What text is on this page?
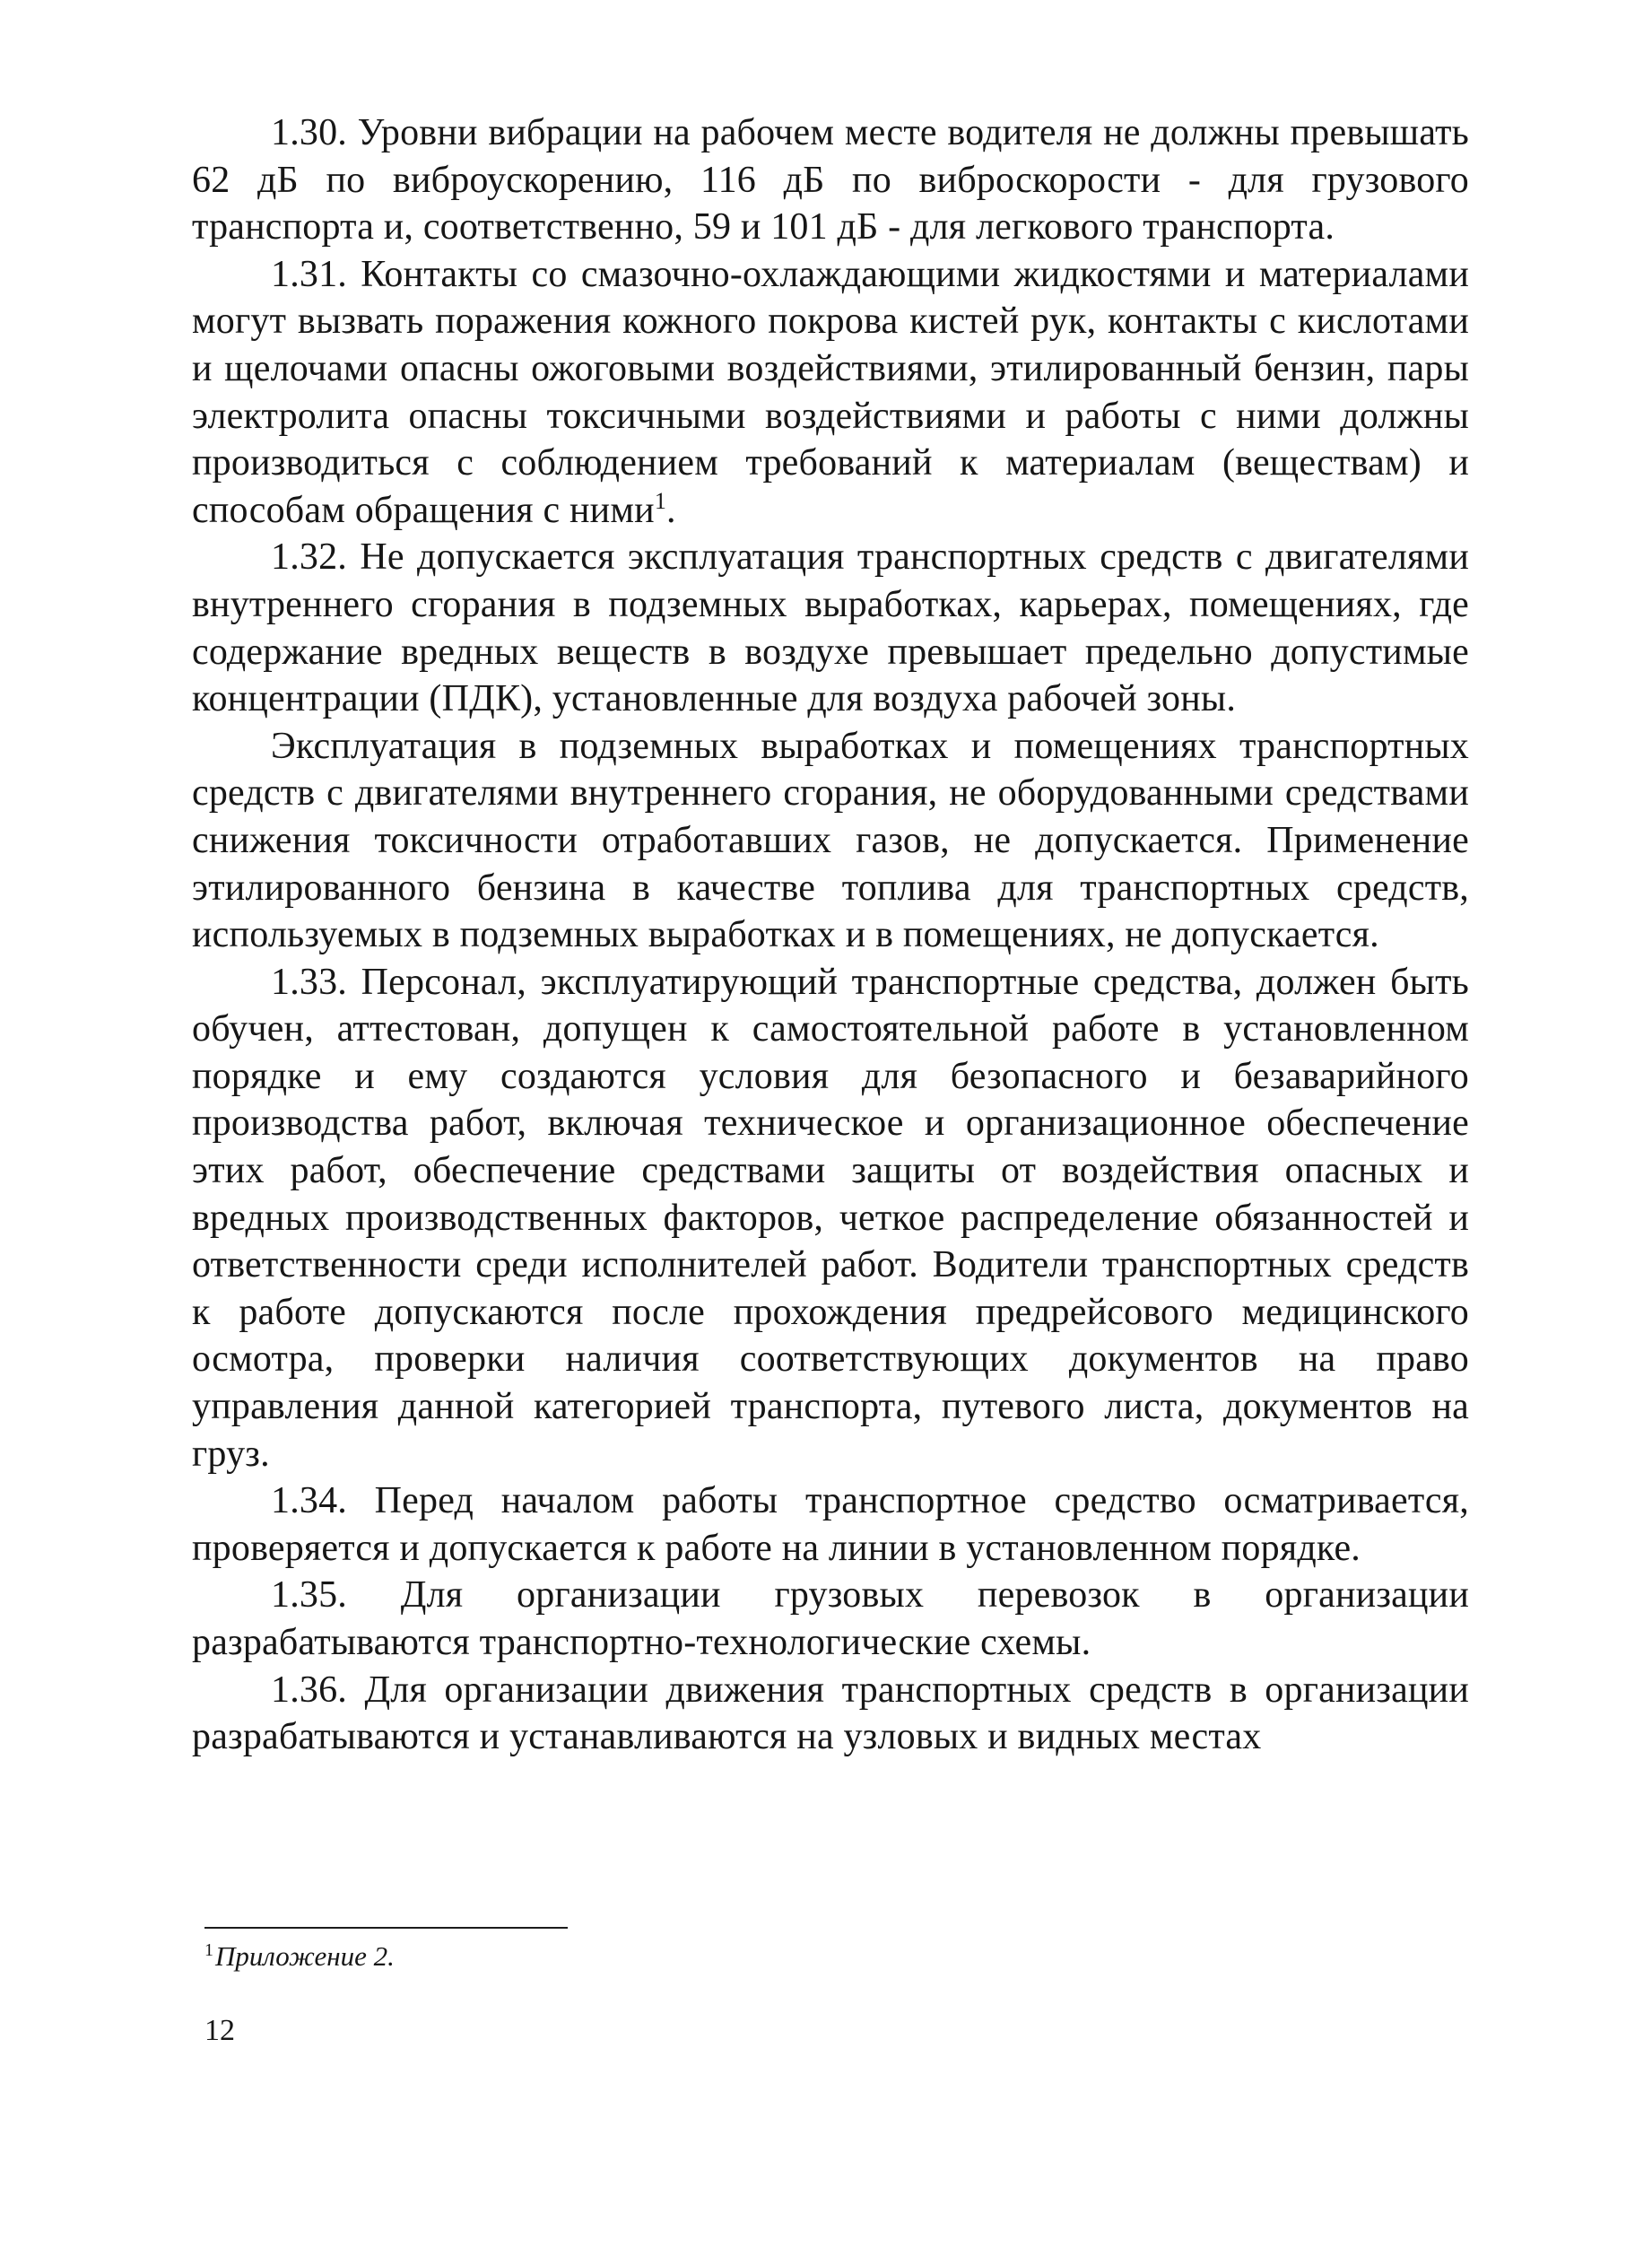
1.30. Уровни вибрации на рабочем месте водителя не должны превышать 62 дБ по виброускорению, 116 дБ по виброскорости - для грузового транспорта и, соответственно, 59 и 101 дБ - для легкового транспорта.

1.31. Контакты со смазочно-охлаждающими жидкостями и материалами могут вызвать поражения кожного покрова кистей рук, контакты с кислотами и щелочами опасны ожоговыми воздействиями, этилированный бензин, пары электролита опасны токсичными воздействиями и работы с ними должны производиться с соблюдением требований к материалам (веществам) и способам обращения с ними$^1$.

1.32. Не допускается эксплуатация транспортных средств с двигателями внутреннего сгорания в подземных выработках, карьерах, помещениях, где содержание вредных веществ в воздухе превышает предельно допустимые концентрации (ПДК), установленные для воздуха рабочей зоны.

Эксплуатация в подземных выработках и помещениях транспортных средств с двигателями внутреннего сгорания, не оборудованными средствами снижения токсичности отработавших газов, не допускается. Применение этилированного бензина в качестве топлива для транспортных средств, используемых в подземных выработках и в помещениях, не допускается.

1.33. Персонал, эксплуатирующий транспортные средства, должен быть обучен, аттестован, допущен к самостоятельной работе в установленном порядке и ему создаются условия для безопасного и безаварийного производства работ, включая техническое и организационное обеспечение этих работ, обеспечение средствами защиты от воздействия опасных и вредных производственных факторов, четкое распределение обязанностей и ответственности среди исполнителей работ. Водители транспортных средств к работе допускаются после прохождения предрейсового медицинского осмотра, проверки наличия соответствующих документов на право управления данной категорией транспорта, путевого листа, документов на груз.

1.34. Перед началом работы транспортное средство осматривается, проверяется и допускается к работе на линии в установленном порядке.

1.35. Для организации грузовых перевозок в организации разрабатываются транспортно-технологические схемы.

1.36. Для организации движения транспортных средств в организации разрабатываются и устанавливаются на узловых и видных местах

$^1$Приложение 2.
12
